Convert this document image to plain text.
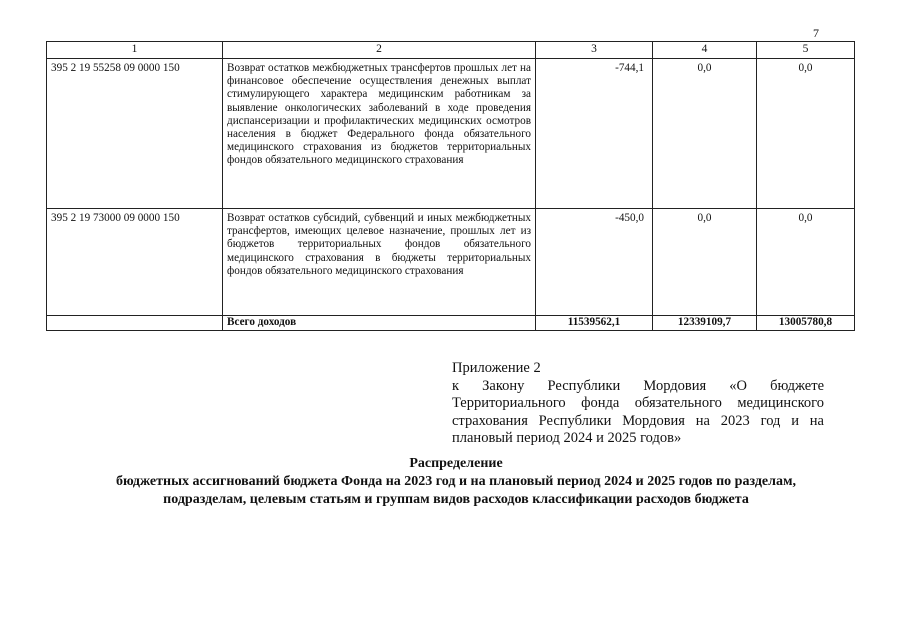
7
1	2	3	4	5
395 2 19 55258 09 0000 150	Возврат остатков межбюджетных трансфертов прошлых лет на финансовое обеспечение осуществления денежных выплат стимулирующего характера медицинским работникам за выявление онкологических заболеваний в ходе проведения диспансеризации и профилактических медицинских осмотров населения в бюджет Федерального фонда обязательного медицинского страхования из бюджетов территориальных фондов обязательного медицинского страхования	-744,1	0,0	0,0
395 2 19 73000 09 0000 150	Возврат остатков субсидий, субвенций и иных межбюджетных трансфертов, имеющих целевое назначение, прошлых лет из бюджетов территориальных фондов обязательного медицинского страхования в бюджеты территориальных фондов обязательного медицинского страхования	-450,0	0,0	0,0
	Всего доходов	11539562,1	12339109,7	13005780,8
Приложение 2
к Закону Республики Мордовия «О бюджете Территориального фонда обязательного медицинского страхования Республики Мордовия на 2023 год и на плановый период 2024 и 2025 годов»
Распределение
бюджетных ассигнований бюджета Фонда на 2023 год и на плановый период 2024 и 2025 годов по разделам,
подразделам, целевым статьям и группам видов расходов классификации расходов бюджета
